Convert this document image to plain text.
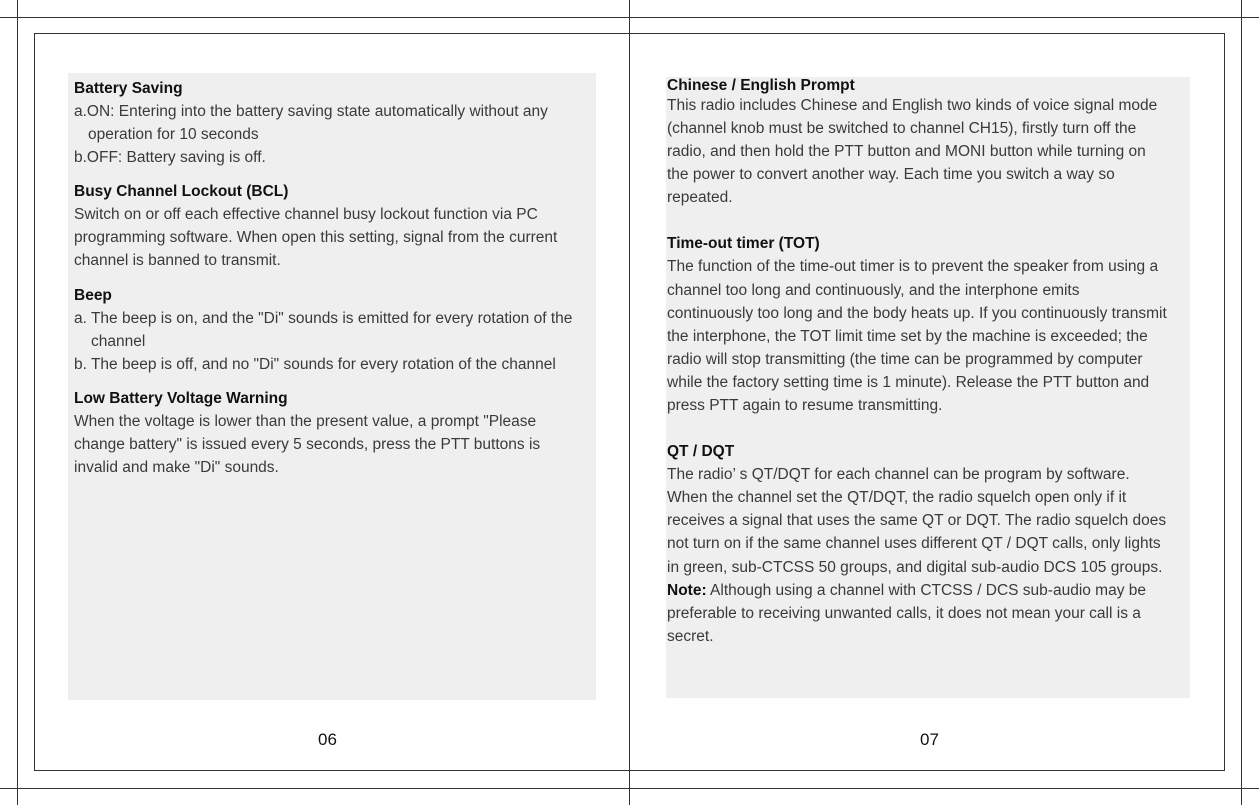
Battery Saving
a.ON: Entering into the battery saving state automatically without any
operation for 10 seconds
b.OFF: Battery saving is off.
Busy Channel Lockout (BCL)
Switch on or off each effective channel busy lockout function via PC
programming software. When open this setting, signal from the current
channel is banned to transmit.
Beep
a. The beep is on, and the "Di" sounds is emitted for every rotation of the
channel
b. The beep is off, and no "Di" sounds for every rotation of the channel
Low Battery Voltage Warning
When the voltage is lower than the present value, a prompt "Please
change battery" is issued every 5 seconds, press the PTT buttons is
invalid and make "Di" sounds.
06
Chinese / English Prompt
This radio includes Chinese and English two kinds of voice signal mode
(channel knob must be switched to channel CH15), firstly turn off the
radio, and then hold the PTT button and MONI button while turning on
the power to convert another way. Each time you switch a way so
repeated.
Time-out timer (TOT)
The function of the time-out timer is to prevent the speaker from using a
channel too long and continuously, and the interphone emits
continuously too long and the body heats up. If you continuously transmit
the interphone, the TOT limit time set by the machine is exceeded; the
radio will stop transmitting (the time can be programmed by computer
while the factory setting time is 1 minute). Release the PTT button and
press PTT again to resume transmitting.
QT / DQT
The radio’ s QT/DQT for each channel can be program by software.
When the channel set the QT/DQT, the radio squelch open only if it
receives a signal that uses the same QT or DQT. The radio squelch does
not turn on if the same channel uses different QT / DQT calls, only lights
in green, sub-CTCSS 50 groups, and digital sub-audio DCS 105 groups.
Note: Although using a channel with CTCSS / DCS sub-audio may be
preferable to receiving unwanted calls, it does not mean your call is a
secret.
07
